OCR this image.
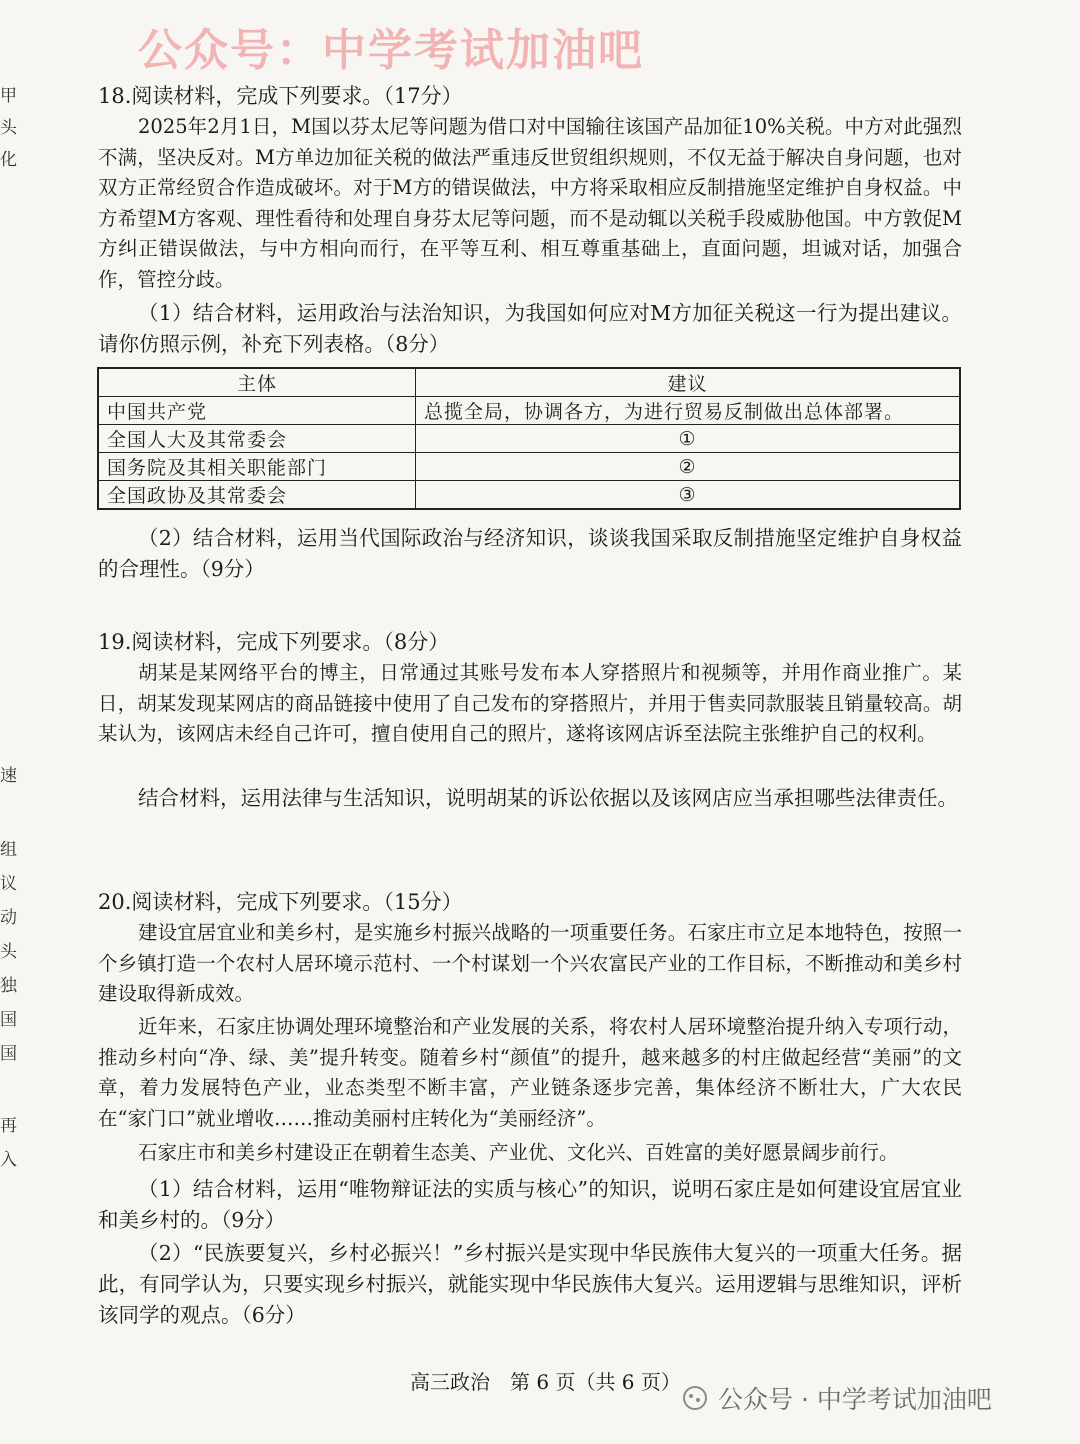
公众号：中学考试加油吧
甲
头
化
速
组
议
动
头
独
国
国
再
入
18.阅读材料，完成下列要求。（17分）
2025年2月1日，M国以芬太尼等问题为借口对中国输往该国产品加征10%关税。中方对此强烈不满，坚决反对。M方单边加征关税的做法严重违反世贸组织规则，不仅无益于解决自身问题，也对双方正常经贸合作造成破坏。对于M方的错误做法，中方将采取相应反制措施坚定维护自身权益。中方希望M方客观、理性看待和处理自身芬太尼等问题，而不是动辄以关税手段威胁他国。中方敦促M方纠正错误做法，与中方相向而行，在平等互利、相互尊重基础上，直面问题，坦诚对话，加强合作，管控分歧。
（1）结合材料，运用政治与法治知识，为我国如何应对M方加征关税这一行为提出建议。请你仿照示例，补充下列表格。（8分）
主体	建议
中国共产党	总揽全局，协调各方，为进行贸易反制做出总体部署。
全国人大及其常委会	①
国务院及其相关职能部门	②
全国政协及其常委会	③
（2）结合材料，运用当代国际政治与经济知识，谈谈我国采取反制措施坚定维护自身权益的合理性。（9分）
19.阅读材料，完成下列要求。（8分）
胡某是某网络平台的博主，日常通过其账号发布本人穿搭照片和视频等，并用作商业推广。某日，胡某发现某网店的商品链接中使用了自己发布的穿搭照片，并用于售卖同款服装且销量较高。胡某认为，该网店未经自己许可，擅自使用自己的照片，遂将该网店诉至法院主张维护自己的权利。
结合材料，运用法律与生活知识，说明胡某的诉讼依据以及该网店应当承担哪些法律责任。
20.阅读材料，完成下列要求。（15分）
建设宜居宜业和美乡村，是实施乡村振兴战略的一项重要任务。石家庄市立足本地特色，按照一个乡镇打造一个农村人居环境示范村、一个村谋划一个兴农富民产业的工作目标，不断推动和美乡村建设取得新成效。
近年来，石家庄协调处理环境整治和产业发展的关系，将农村人居环境整治提升纳入专项行动，推动乡村向“净、绿、美”提升转变。随着乡村“颜值”的提升，越来越多的村庄做起经营“美丽”的文章，着力发展特色产业，业态类型不断丰富，产业链条逐步完善，集体经济不断壮大，广大农民在“家门口”就业增收……推动美丽村庄转化为“美丽经济”。
石家庄市和美乡村建设正在朝着生态美、产业优、文化兴、百姓富的美好愿景阔步前行。
（1）结合材料，运用“唯物辩证法的实质与核心”的知识，说明石家庄是如何建设宜居宜业和美乡村的。（9分）
（2）“民族要复兴，乡村必振兴！”乡村振兴是实现中华民族伟大复兴的一项重大任务。据此，有同学认为，只要实现乡村振兴，就能实现中华民族伟大复兴。运用逻辑与思维知识，评析该同学的观点。（6分）
高三政治　第 6 页（共 6 页）
公众号 · 中学考试加油吧
